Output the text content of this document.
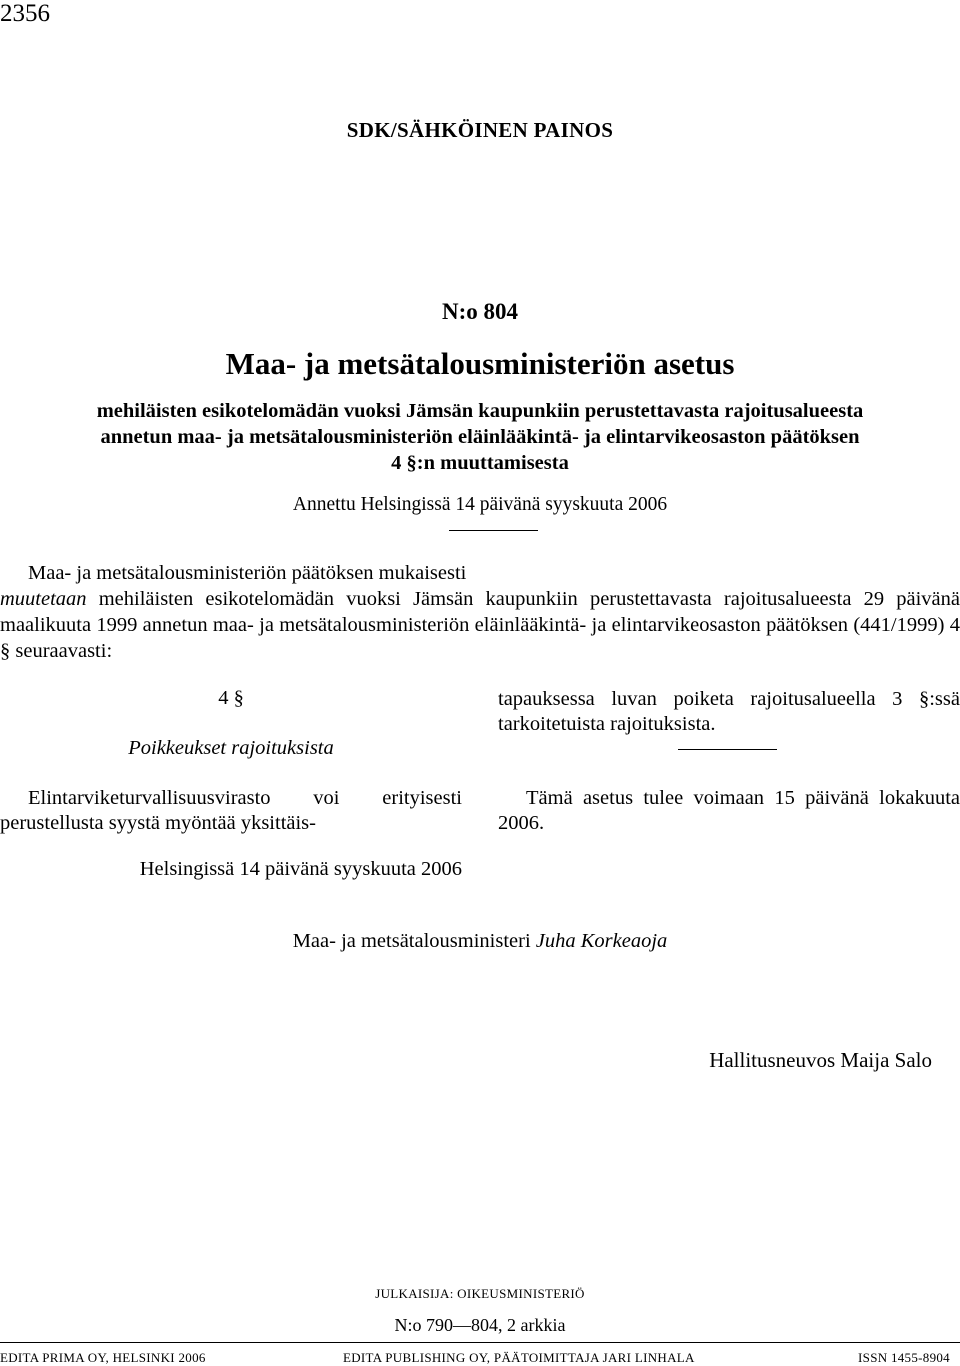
2356
SDK/SÄHKÖINEN PAINOS
N:o 804
Maa- ja metsätalousministeriön asetus
mehiläisten esikotelomädän vuoksi Jämsän kaupunkiin perustettavasta rajoitusalueesta
annetun maa- ja metsätalousministeriön eläinlääkintä- ja elintarvikeosaston päätöksen
4 §:n muuttamisesta
Annettu Helsingissä 14 päivänä syyskuuta 2006

Maa- ja metsätalousministeriön päätöksen mukaisesti

muutetaan mehiläisten esikotelomädän vuoksi Jämsän kaupunkiin perustettavasta rajoitusalueesta 29 päivänä maalikuuta 1999 annetun maa- ja metsätalousministeriön eläinlääkintä- ja elintarvikeosaston päätöksen (441/1999) 4 § seuraavasti:

4 §
Poikkeukset rajoituksista
Elintarviketurvallisuusvirasto voi erityisesti perustellusta syystä myöntää yksittäis-
tapauksessa luvan poiketa rajoitusalueella 3 §:ssä tarkoitetuista rajoituksista.
Tämä asetus tulee voimaan 15 päivänä lokakuuta 2006.
Helsingissä 14 päivänä syyskuuta 2006
Maa- ja metsätalousministeri Juha Korkeaoja
Hallitusneuvos Maija Salo
JULKAISIJA: OIKEUSMINISTERIÖ
N:o 790—804, 2 arkkia
EDITA PRIMA OY, HELSINKI 2006	EDITA PUBLISHING OY, PÄÄTOIMITTAJA JARI LINHALA	ISSN 1455-8904
